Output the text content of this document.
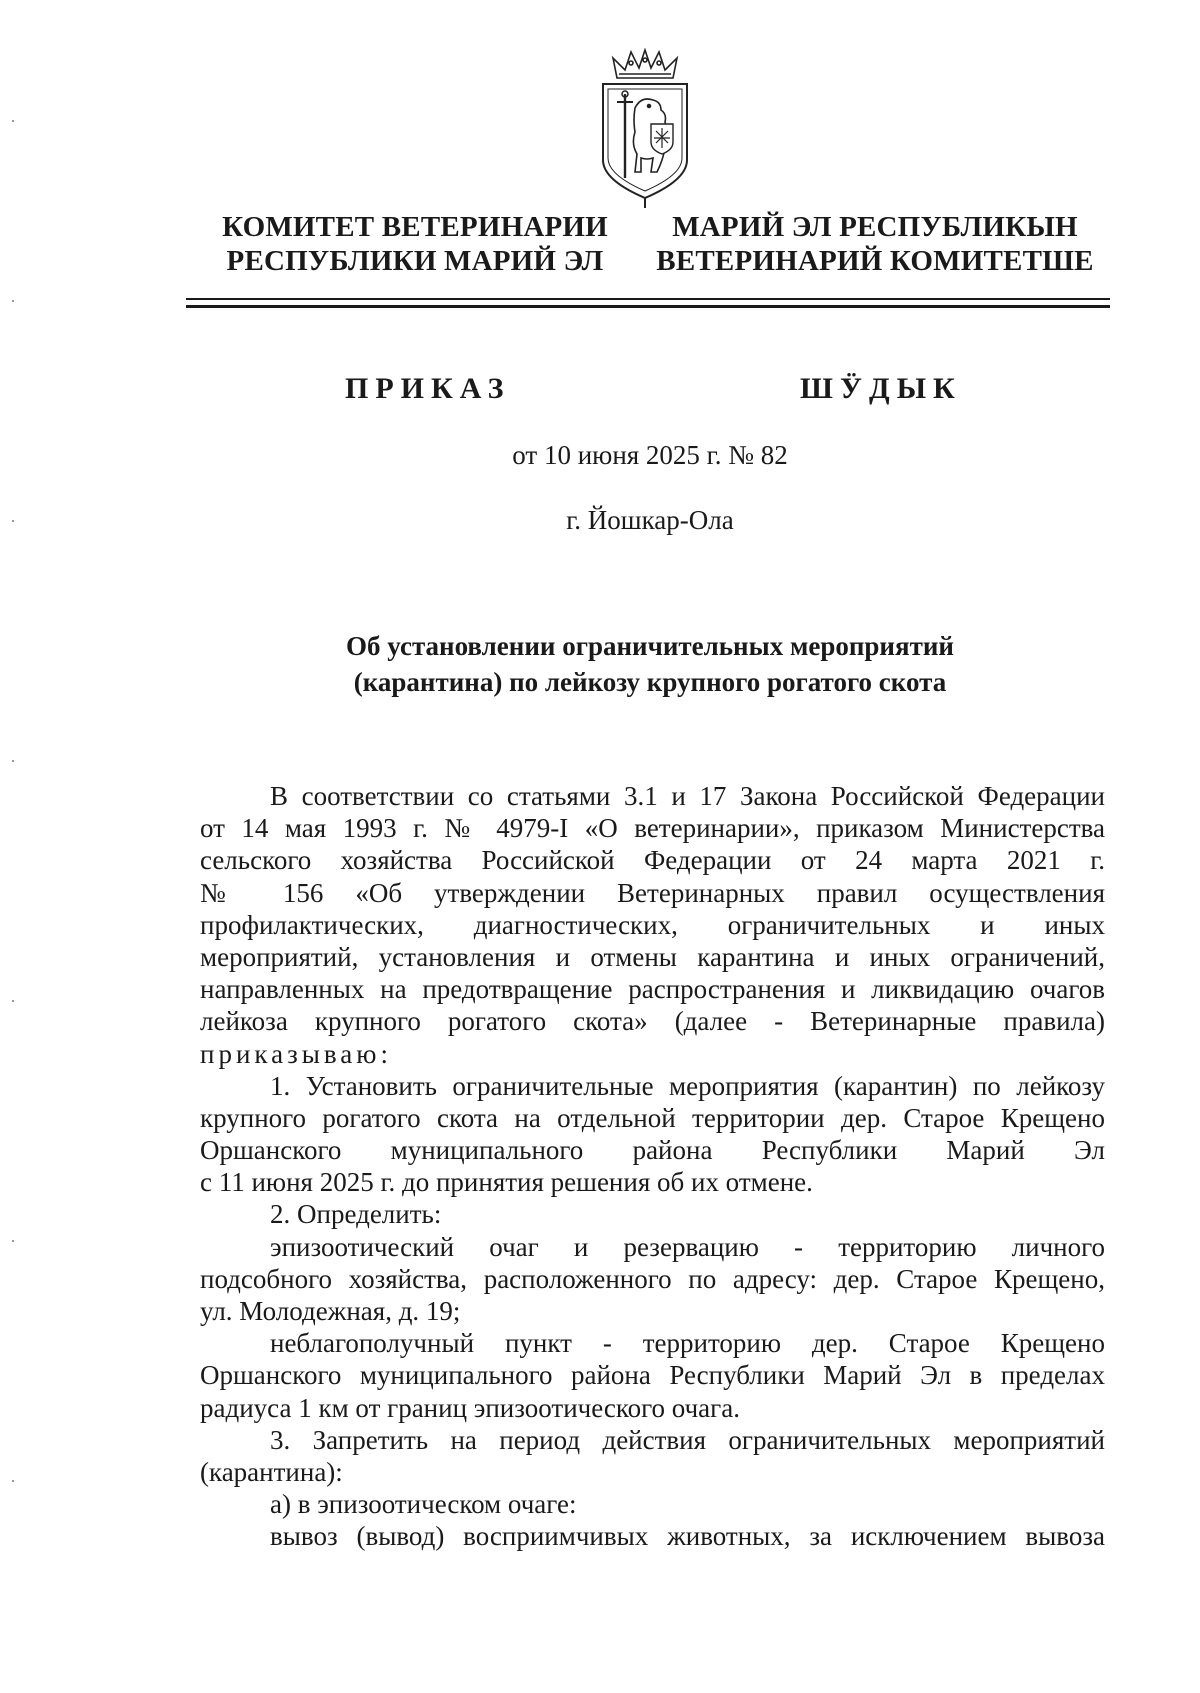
КОМИТЕТ ВЕТЕРИНАРИИ
РЕСПУБЛИКИ МАРИЙ ЭЛ
МАРИЙ ЭЛ РЕСПУБЛИКЫН
ВЕТЕРИНАРИЙ КОМИТЕТШЕ
ПРИКАЗ	ШӰДЫК
от 10 июня 2025 г. № 82
г. Йошкар-Ола
Об установлении ограничительных мероприятий
(карантина) по лейкозу крупного рогатого скота
В соответствии со статьями 3.1 и 17 Закона Российской Федерации
от 14 мая 1993 г. № 4979-I «О ветеринарии», приказом Министерства
сельского хозяйства Российской Федерации от 24 марта 2021 г.
№ 156 «Об утверждении Ветеринарных правил осуществления
профилактических, диагностических, ограничительных и иных
мероприятий, установления и отмены карантина и иных ограничений,
направленных на предотвращение распространения и ликвидацию очагов
лейкоза крупного рогатого скота» (далее - Ветеринарные правила)
приказываю:
1. Установить ограничительные мероприятия (карантин) по лейкозу
крупного рогатого скота на отдельной территории дер. Старое Крещено
Оршанского муниципального района Республики Марий Эл
с 11 июня 2025 г. до принятия решения об их отмене.
2. Определить:
эпизоотический очаг и резервацию - территорию личного
подсобного хозяйства, расположенного по адресу: дер. Старое Крещено,
ул. Молодежная, д. 19;
неблагополучный пункт - территорию дер. Старое Крещено
Оршанского муниципального района Республики Марий Эл в пределах
радиуса 1 км от границ эпизоотического очага.
3. Запретить на период действия ограничительных мероприятий
(карантина):
а) в эпизоотическом очаге:
вывоз (вывод) восприимчивых животных, за исключением вывоза
